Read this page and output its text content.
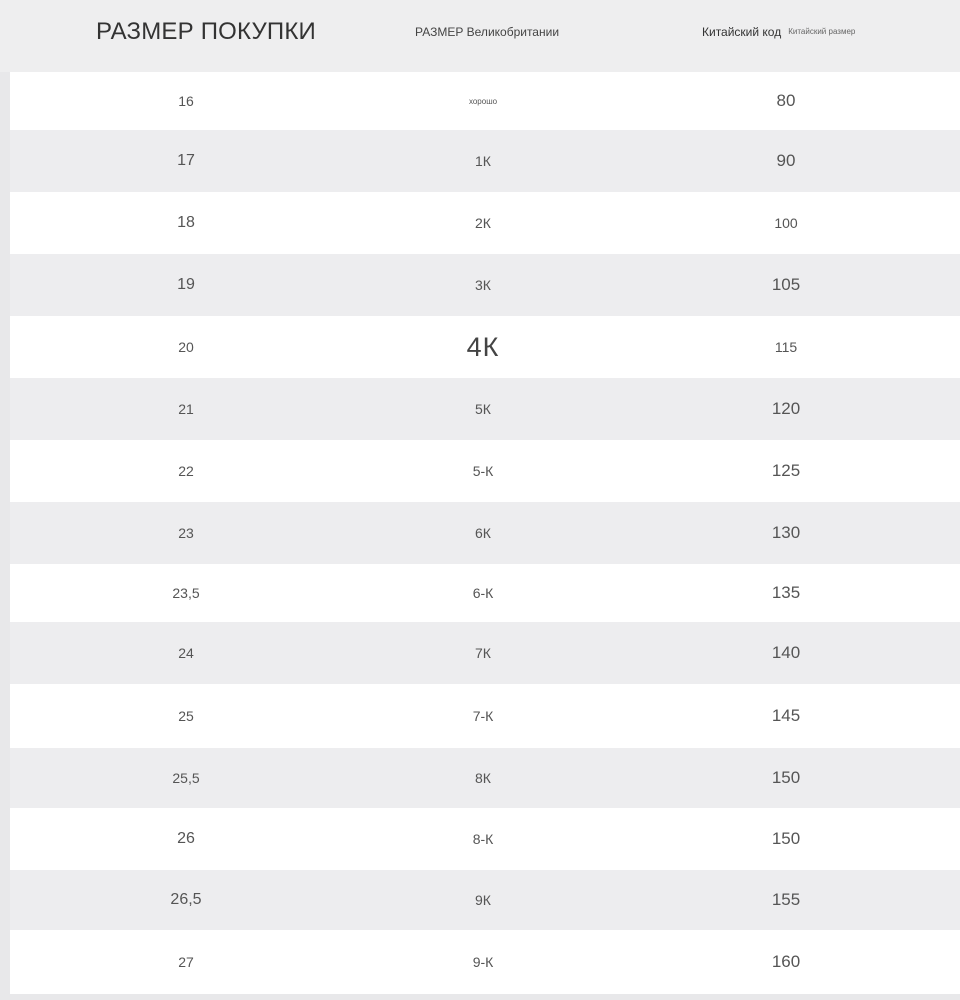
РАЗМЕР ПОКУПКИ	РАЗМЕР Великобритании	Китайский код Китайский размер
16	хорошо	80
17	1К	90
18	2К	100
19	3К	105
20	4К	115
21	5К	120
22	5-К	125
23	6К	130
23,5	6-К	135
24	7К	140
25	7-К	145
25,5	8К	150
26	8-К	150
26,5	9К	155
27	9-К	160
